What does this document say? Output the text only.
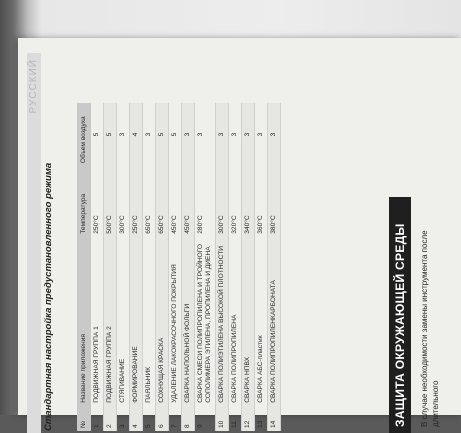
РУССКИЙ
Стандартная настройка предустановленного режима	№	Название приложения	Температура	Объем воздуха
1	ПОДВИЖНАЯ ГРУППА 1	250°C	5
2	ПОДВИЖНАЯ ГРУППА 2	500°C	5
3	СТЯГИВАНИЕ	300°C	3
4	ФОРМИРОВАНИЕ	250°C	4
5	ПАЯЛЬНИК	650°C	3
6	СОХНУЩАЯ КРАСКА	650°C	5
7	УДАЛЕНИЕ ЛАКОКРАСОЧНОГО ПОКРЫТИЯ	450°C	5
8	СВАРКА НАПОЛЬНОЙ ФОЛЬГИ	450°C	3
9	СВАРКА СМЕСИ ПОЛИПРОПИЛЕНА И ТРОЙНОГО СОПОЛИМЕРА ЭТИЛЕНА, ПРОПИЛЕНА И ДИЕНА	280°C	3
10	СВАРКА ПОЛИЭТИЛЕНА ВЫСОКОЙ ПЛОТНОСТИ	300°C	3
11	СВАРКА ПОЛИПРОПИЛЕНА	320°C	3
12	СВАРКА НПВХ	340°C	3
13	СВАРКА АБС-пластик	360°C	3
14	СВАРКА ПОЛИПРОПИЛЕНКАРБОНАТА	380°C	3
ЗАЩИТА ОКРУЖАЮЩЕЙ СРЕДЫ	В случае необходимости замены инструмента после длительного
